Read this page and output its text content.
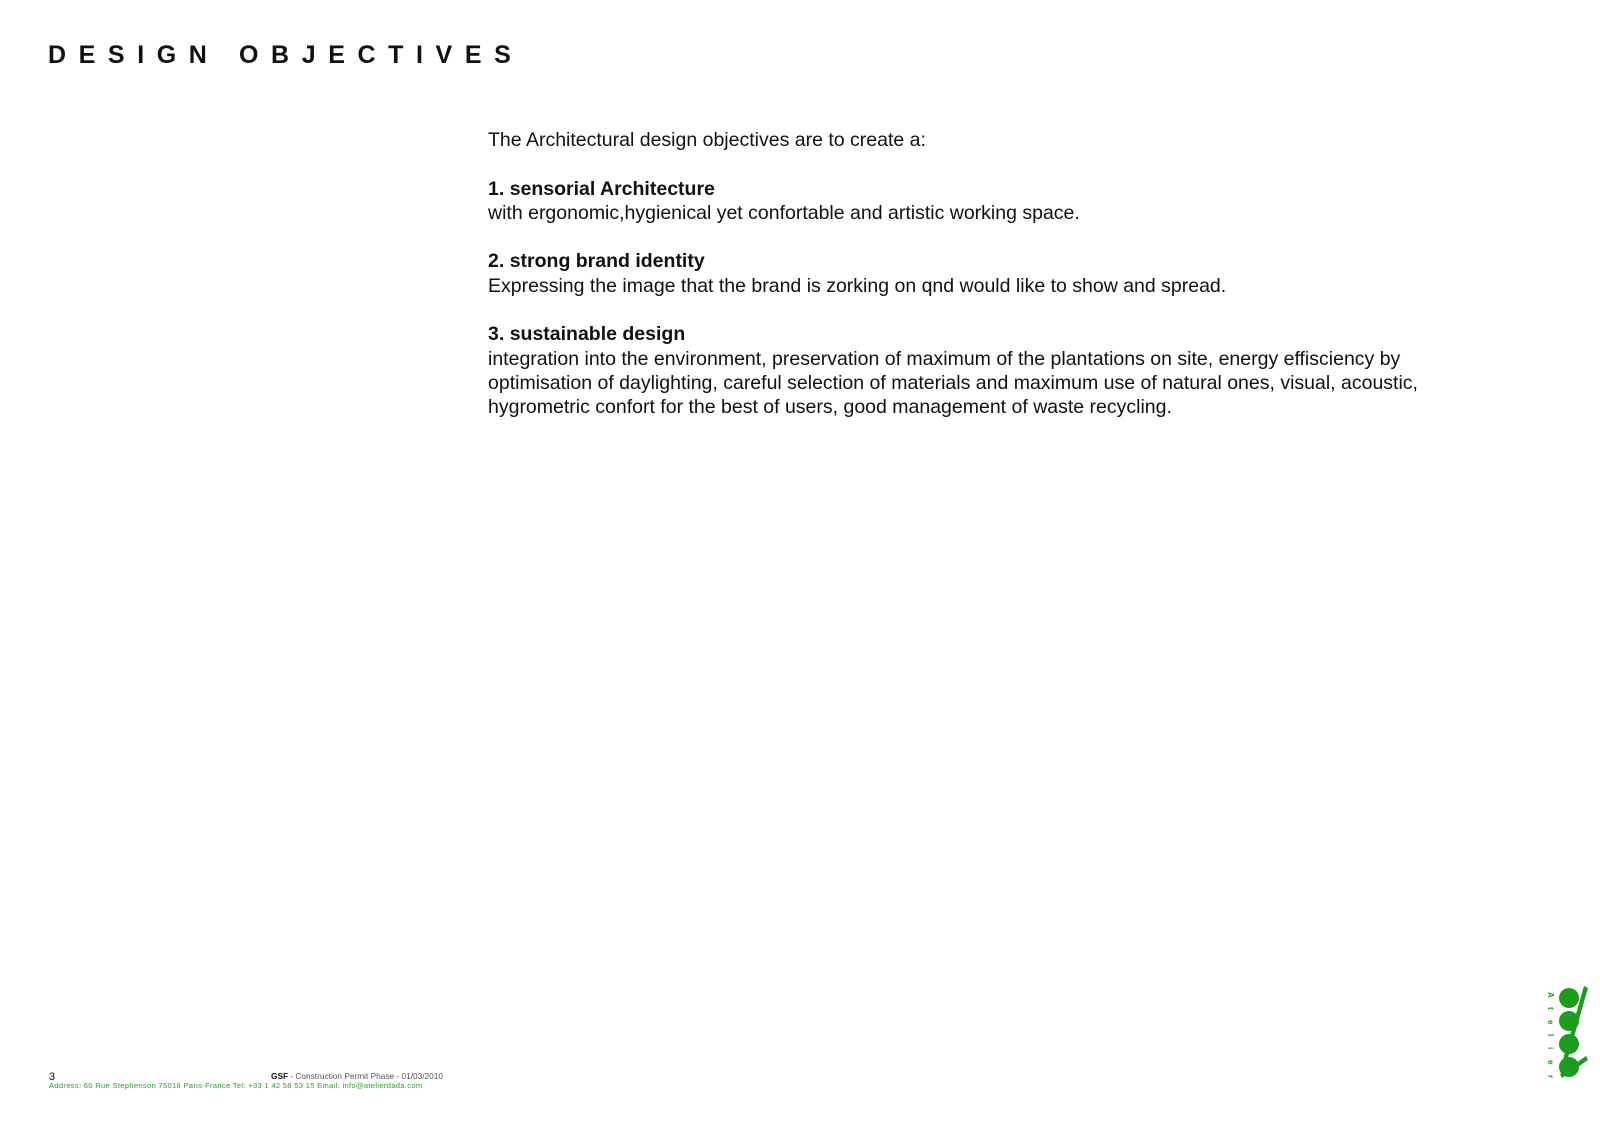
DESIGN OBJECTIVES

The Architectural design objectives are to create a:

1. sensorial Architecture

with ergonomic,hygienical yet confortable and artistic working space.

2. strong brand identity

Expressing the image that the brand is zorking on qnd would like to show and spread.

3. sustainable design

integration into the environment, preservation of maximum of the plantations on site, energy effisciency by optimisation of daylighting, careful selection of materials and maximum use of natural ones, visual, acoustic, hygrometric confort for the best of users, good management of waste recycling.

3	GSF - Construction Permit Phase - 01/03/2010
Address: 60 Rue Stephenson 75018 Paris-France Tel: +33 1 42 58 53 15 Email: info@atelierdada.com
A
t
e
l
i
e
r
